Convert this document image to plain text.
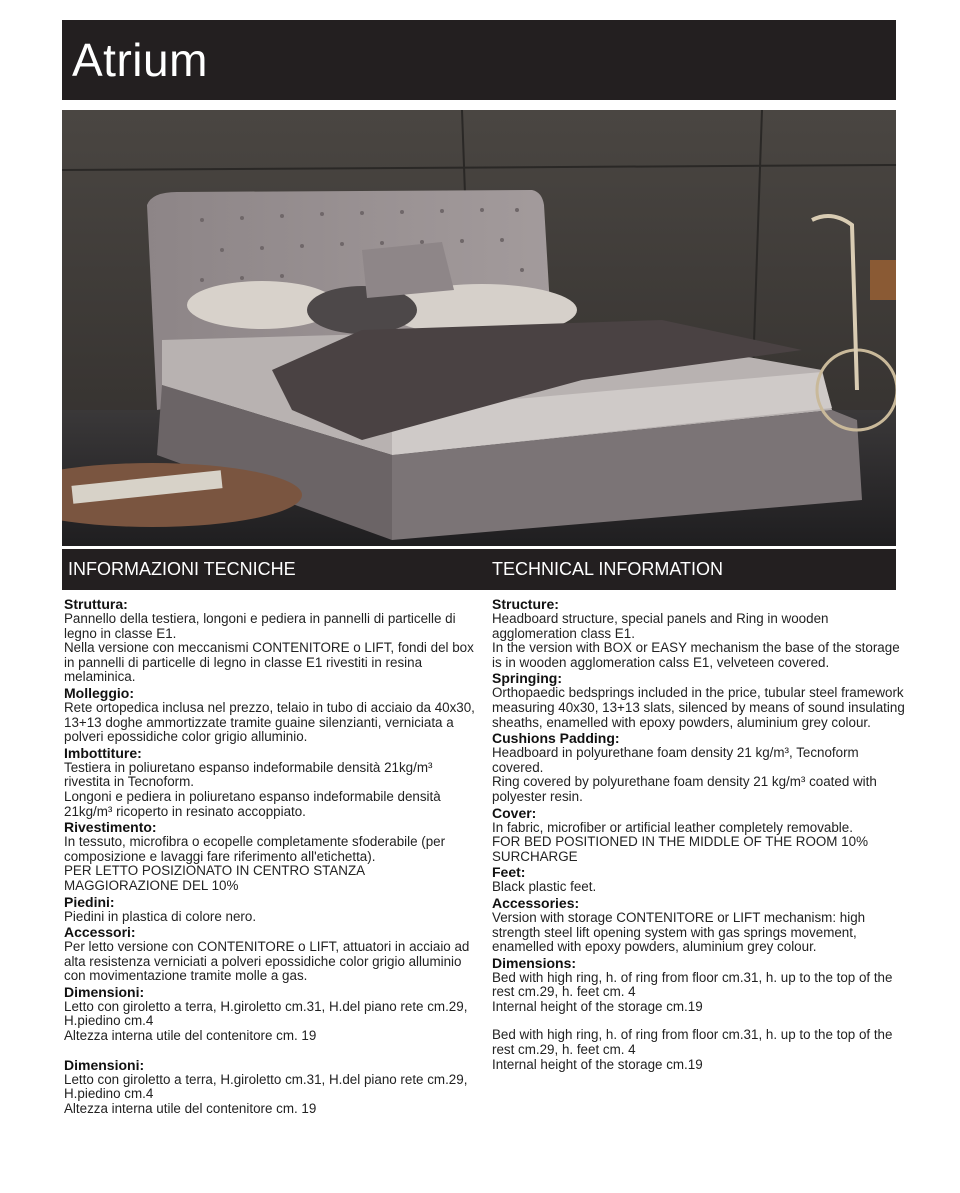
Atrium
INFORMAZIONI TECNICHE	TECHNICAL INFORMATION
Struttura:
Pannello della testiera, longoni e pediera in pannelli di particelle di legno in classe E1.
Nella versione con meccanismi CONTENITORE o LIFT, fondi del box in pannelli di particelle di legno in classe E1 rivestiti in resina melaminica.
Molleggio:
Rete ortopedica inclusa nel prezzo, telaio in tubo di acciaio da 40x30, 13+13 doghe ammortizzate tramite guaine silenzianti, verniciata a polveri epossidiche color grigio alluminio.
Imbottiture:
Testiera in poliuretano espanso indeformabile densità 21kg/m³ rivestita in Tecnoform.
Longoni e pediera in poliuretano espanso indeformabile densità 21kg/m³ ricoperto in resinato accoppiato.
Rivestimento:
In tessuto, microfibra o ecopelle completamente sfoderabile (per composizione e lavaggi fare riferimento all'etichetta).
PER LETTO POSIZIONATO IN CENTRO STANZA MAGGIORAZIONE DEL 10%
Piedini:
Piedini in plastica di colore nero.
Accessori:
Per letto versione con CONTENITORE o LIFT, attuatori in acciaio ad alta resistenza verniciati a polveri epossidiche color grigio alluminio con movimentazione tramite molle a gas.
Dimensioni:
Letto con giroletto a terra, H.giroletto cm.31, H.del piano rete cm.29, H.piedino cm.4
Altezza interna utile del contenitore cm. 19
Dimensioni:
Letto con giroletto a terra, H.giroletto cm.31, H.del piano rete cm.29, H.piedino cm.4
Altezza interna utile del contenitore cm. 19
Structure:
Headboard structure, special panels and Ring in wooden agglomeration class E1.
In the version with BOX or EASY mechanism the base of the storage is in wooden agglomeration calss E1, velveteen covered.
Springing:
Orthopaedic bedsprings included in the price, tubular steel framework measuring 40x30, 13+13 slats, silenced by means of sound insulating sheaths, enamelled with epoxy powders, aluminium grey colour.
Cushions Padding:
Headboard in polyurethane foam density 21 kg/m³, Tecnoform covered.
Ring covered by polyurethane foam density 21 kg/m³ coated with polyester resin.
Cover:
In fabric, microfiber or artificial leather completely removable.
FOR BED POSITIONED IN THE MIDDLE OF THE ROOM 10% SURCHARGE
Feet:
Black plastic feet.
Accessories:
Version with storage CONTENITORE or LIFT mechanism: high strength steel lift opening system with gas springs movement, enamelled with epoxy powders, aluminium grey colour.
Dimensions:
Bed with high ring, h. of ring from floor cm.31, h. up to the top of the rest cm.29, h. feet cm. 4
Internal height of the storage cm.19
Bed with high ring, h. of ring from floor cm.31, h. up to the top of the rest cm.29, h. feet cm. 4
Internal height of the storage cm.19
